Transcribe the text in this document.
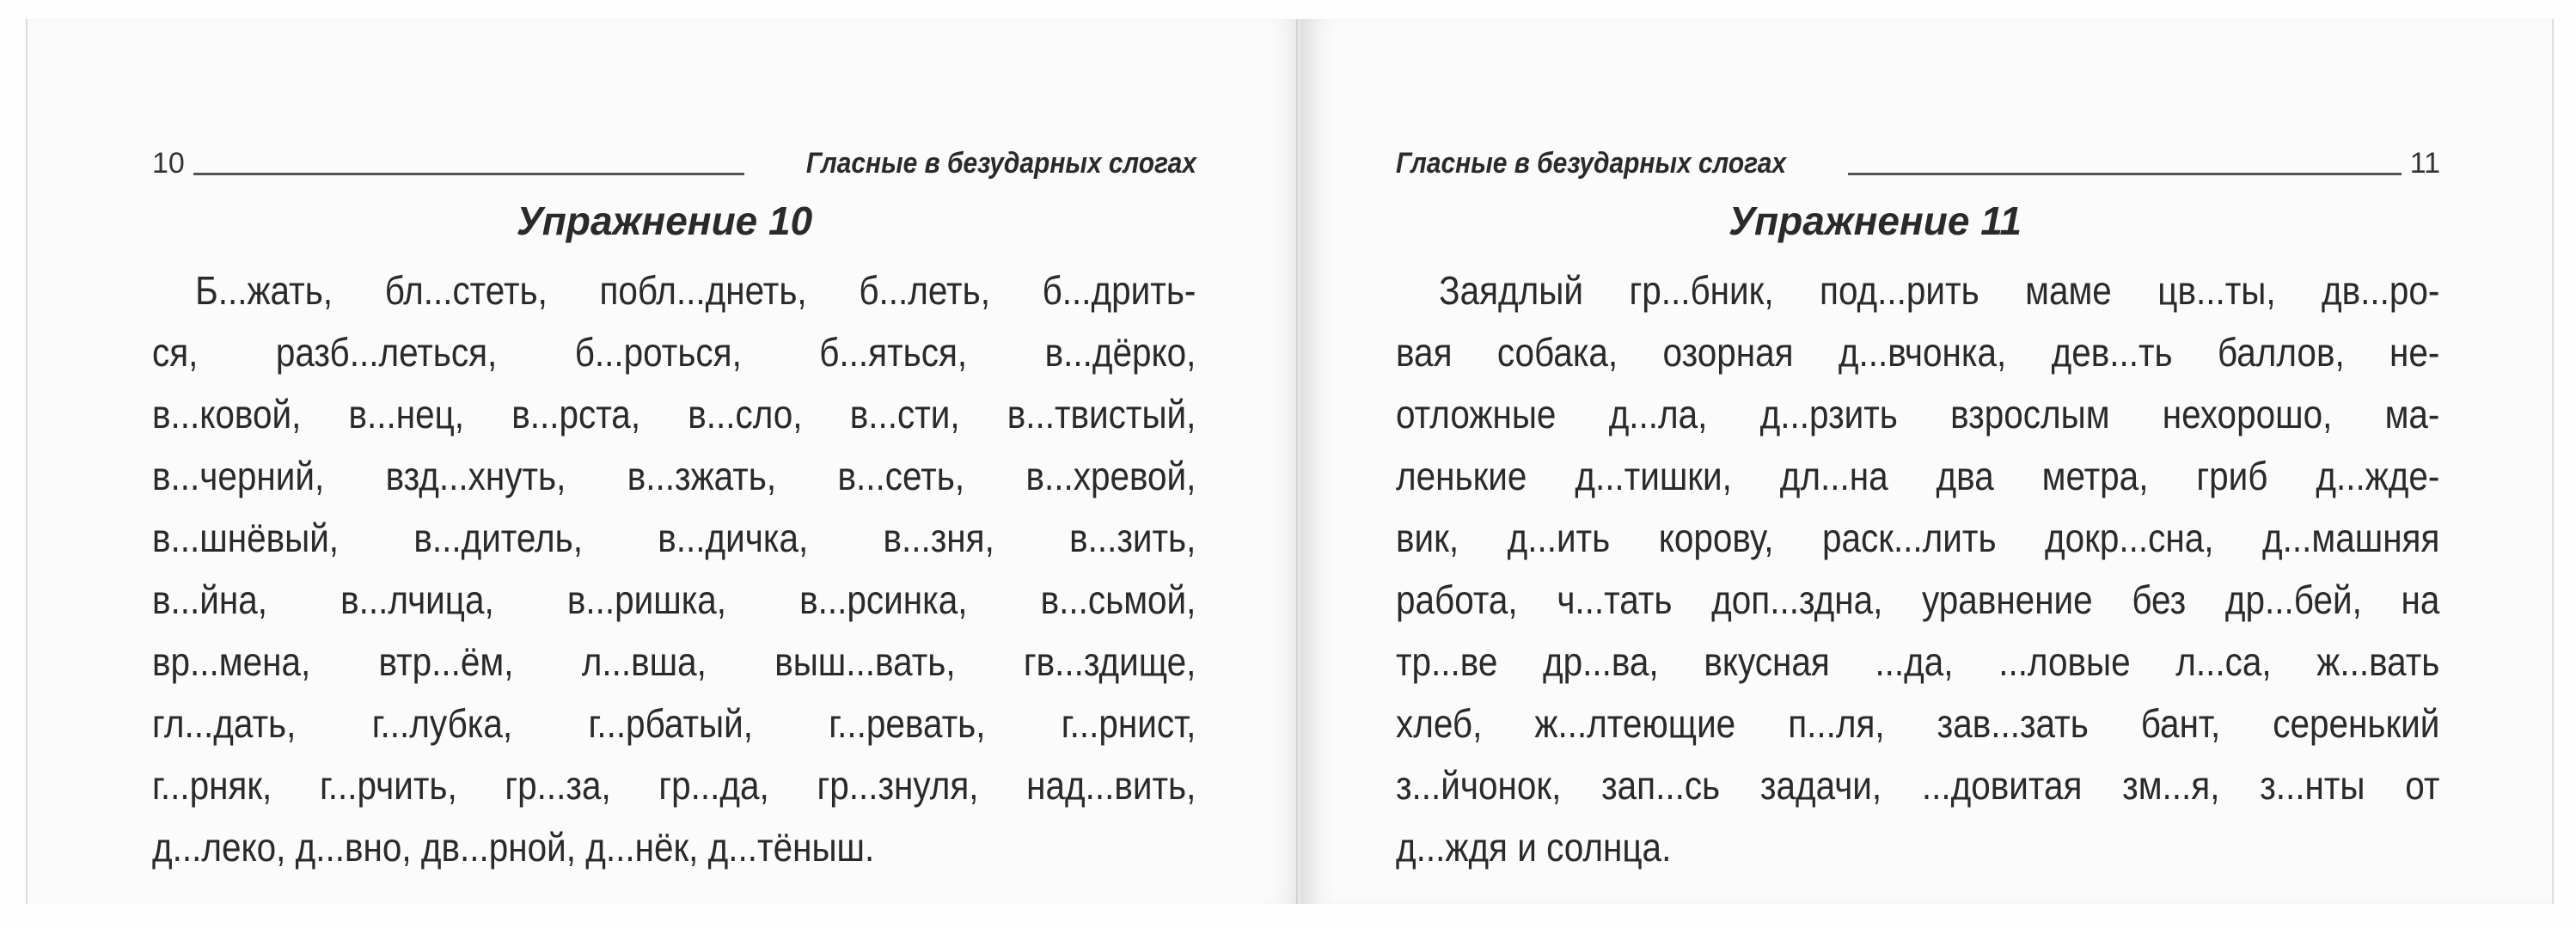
10	Гласные в безударных слогах
Упражнение 10
Б...жать, бл...стеть, побл...днеть, б...леть, б...дрить-
ся, разб...леться, б...роться, б...яться, в...дёрко,
в...ковой, в...нец, в...рста, в...сло, в...сти, в...твистый,
в...черний, взд...хнуть, в...зжать, в...сеть, в...хревой,
в...шнёвый, в...дитель, в...дичка, в...зня, в...зить,
в...йна, в...лчица, в...ришка, в...рсинка, в...сьмой,
вр...мена, втр...ём, л...вша, выш...вать, гв...здище,
гл...дать, г...лубка, г...рбатый, г...ревать, г...рнист,
г...рняк, г...рчить, гр...за, гр...да, гр...знуля, над...вить,
д...леко, д...вно, дв...рной, д...нёк, д...тёныш.
Гласные в безударных слогах	11
Упражнение 11
Заядлый гр...бник, под...рить маме цв...ты, дв...ро-
вая собака, озорная д...вчонка, дев...ть баллов, не-
отложные д...ла, д...рзить взрослым нехорошо, ма-
ленькие д...тишки, дл...на два метра, гриб д...жде-
вик, д...ить корову, раск...лить докр...сна, д...машняя
работа, ч...тать доп...здна, уравнение без др...бей, на
тр...ве др...ва, вкусная ...да, ...ловые л...са, ж...вать
хлеб, ж...лтеющие п...ля, зав...зать бант, серенький
з...йчонок, зап...сь задачи, ...довитая зм...я, з...нты от
д...ждя и солнца.
